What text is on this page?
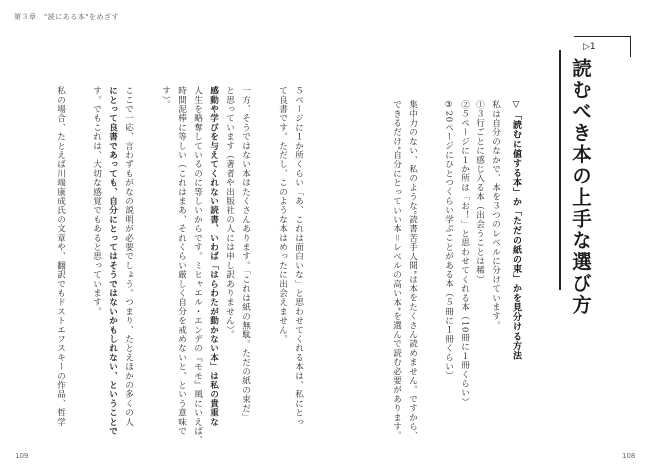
第３章　"読にある本"をめざす
▷1
読むべき本の上手な選び方
▽「読むに値する本」か「ただの紙の束」かを見分ける方法
私は自分のなかで、本を３つのレベルに分けています。
①３行ごとに感じ入る本（出会うことは稀）
②５ページに１か所は「お！」と思わせてくれる本（10冊に１冊くらい）
③20ページにひとつくらい学ぶことがある本（５冊に１冊くらい）
集中力のない、私のような"読書苦手人間"は本をたくさん読めません。ですから、
できるだけ"自分にとっていい本＝レベルの高い本"を選んで読む必要があります。
５ページに１か所くらい「あ、これは面白いな」と思わせてくれる本は、私にとっ
て良書です。ただし、このような本はめったに出会えません。
一方、そうではない本はたくさんあります。「これは紙の無駄。ただの紙の束だ」
と思っています（著者や出版社の人には申し訳ありません）。
感動や学びを与えてくれない読書、いわば「はらわたが動かない本」は私の貴重な
人生を略奪しているのに等しいからです。ミヒャエル・エンデの『モモ』風にいえば、
時間泥棒に等しい（これはまあ、それくらい厳しく自分を戒めないと、という意味で
す）。
ここで一応、言わずもがなの説明が必要でしょう。つまり、たとえほかの多くの人
にとって良書であっても、自分にとってはそうではないかもしれない、ということで
す。でもこれは、大切な感覚でもあると思っています。
私の場合、たとえば川端康成氏の文章や、翻訳でもドストエフスキーの作品、哲学
109	108
